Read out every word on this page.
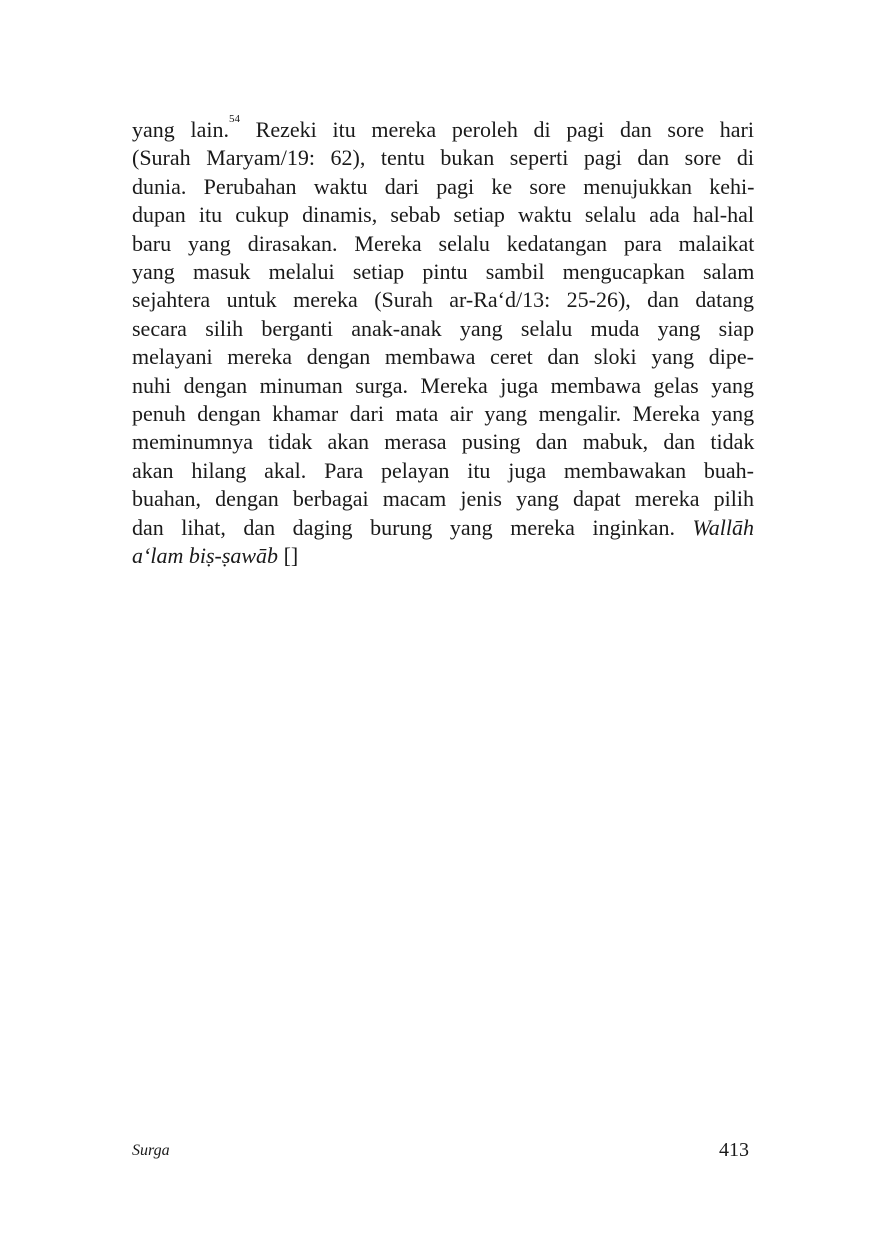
yang lain.$^{54}$ Rezeki itu mereka peroleh di pagi dan sore hari
(Surah Maryam/19: 62), tentu bukan seperti pagi dan sore di
dunia. Perubahan waktu dari pagi ke sore menujukkan kehi-
dupan itu cukup dinamis, sebab setiap waktu selalu ada hal-hal
baru yang dirasakan. Mereka selalu kedatangan para malaikat
yang masuk melalui setiap pintu sambil mengucapkan salam
sejahtera untuk mereka (Surah ar-Ra‘d/13: 25-26), dan datang
secara silih berganti anak-anak yang selalu muda yang siap
melayani mereka dengan membawa ceret dan sloki yang dipe-
nuhi dengan minuman surga. Mereka juga membawa gelas yang
penuh dengan khamar dari mata air yang mengalir. Mereka yang
meminumnya tidak akan merasa pusing dan mabuk, dan tidak
akan hilang akal. Para pelayan itu juga membawakan buah-
buahan, dengan berbagai macam jenis yang dapat mereka pilih
dan lihat, dan daging burung yang mereka inginkan. Wallāh
a‘lam biṣ-ṣawāb []
Surga	413
